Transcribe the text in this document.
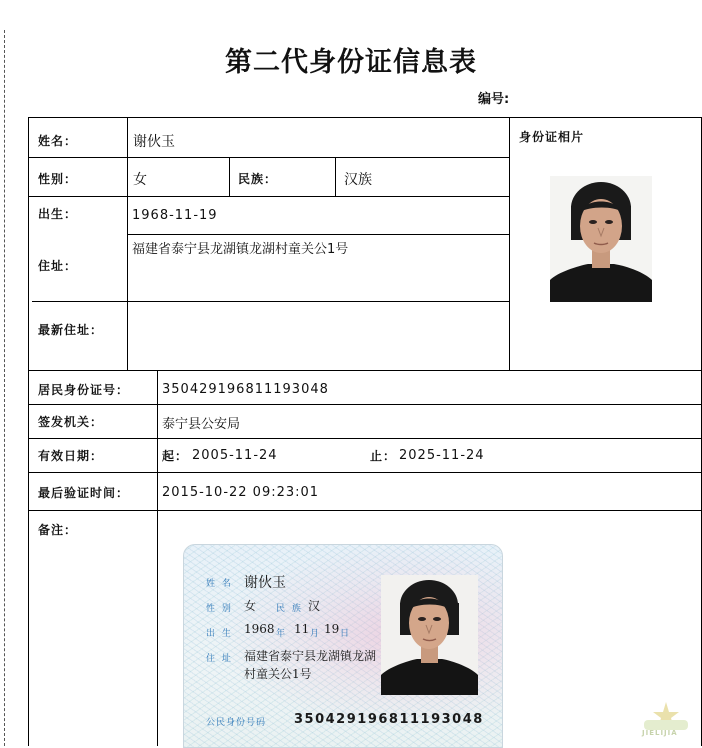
第二代身份证信息表
编号:
姓名：	谢伙玉	身份证相片
性别：	女	民族：	汉族
出生：	1968-11-19
住址：
福建省泰宁县龙湖镇龙湖村童关公1号
最新住址：
居民身份证号：	350429196811193048
签发机关：	泰宁县公安局
有效日期：	起： 2005-11-24	止： 2025-11-24
最后验证时间：	2015-10-22 09:23:01
备注：
姓 名 谢伙玉
性 别 女 民 族 汉
出 生 1968 年 11 月 19 日
住 址 福建省泰宁县龙湖镇龙湖
村童关公1号
公民身份号码 350429196811193048
JIELIJIA
